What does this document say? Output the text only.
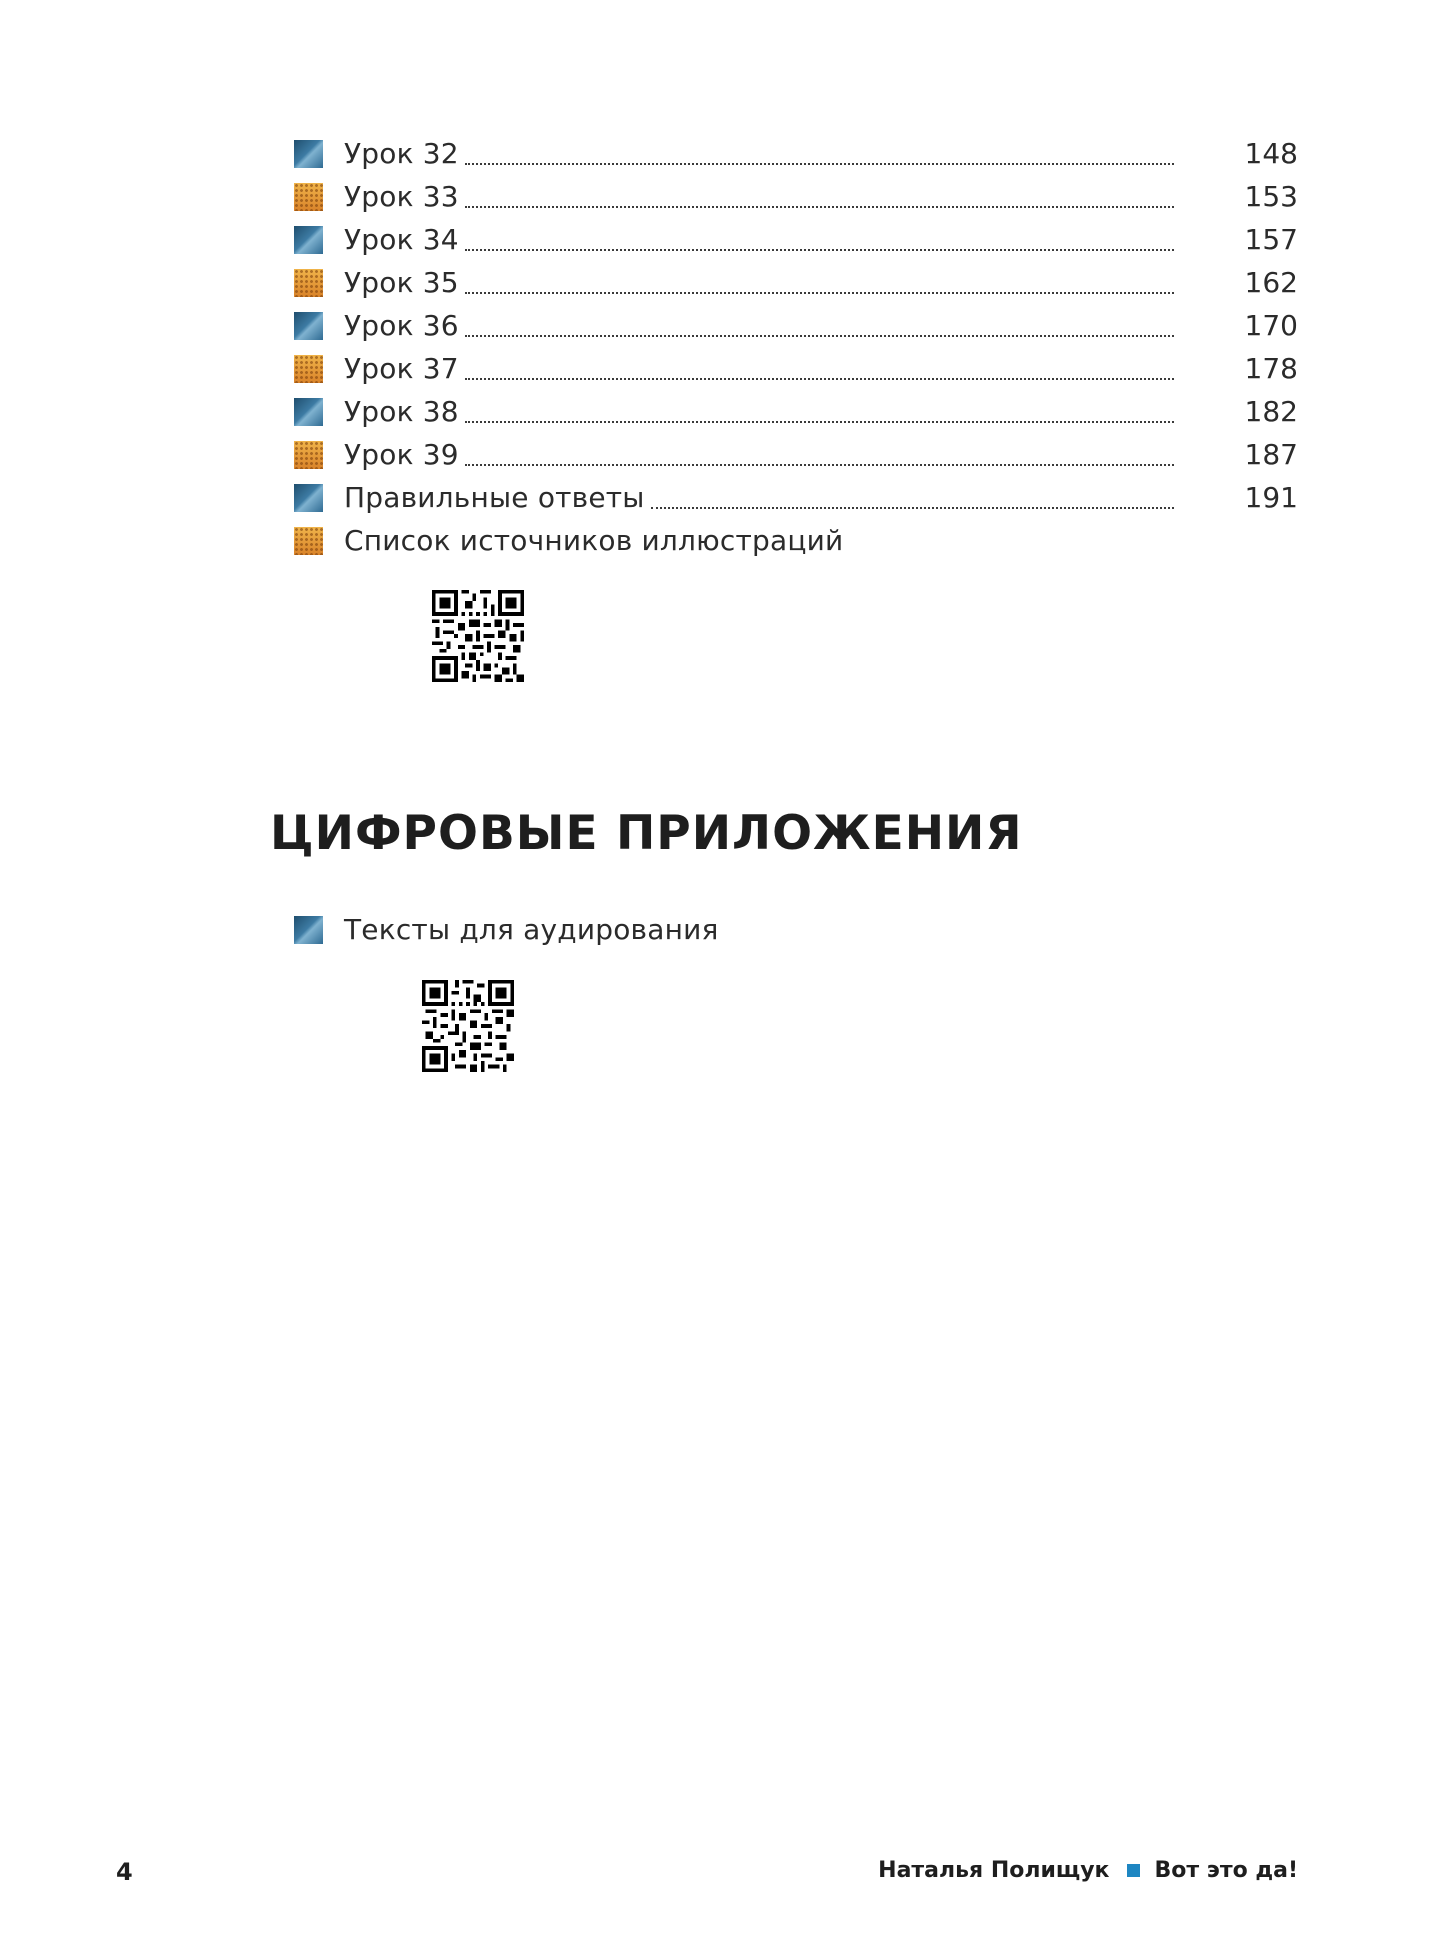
Урок 32	148
Урок 33	153
Урок 34	157
Урок 35	162
Урок 36	170
Урок 37	178
Урок 38	182
Урок 39	187
Правильные ответы	191
Список источников иллюстраций
ЦИФРОВЫЕ ПРИЛОЖЕНИЯ
Тексты для аудирования
4	Наталья Полищук Вот это да!
